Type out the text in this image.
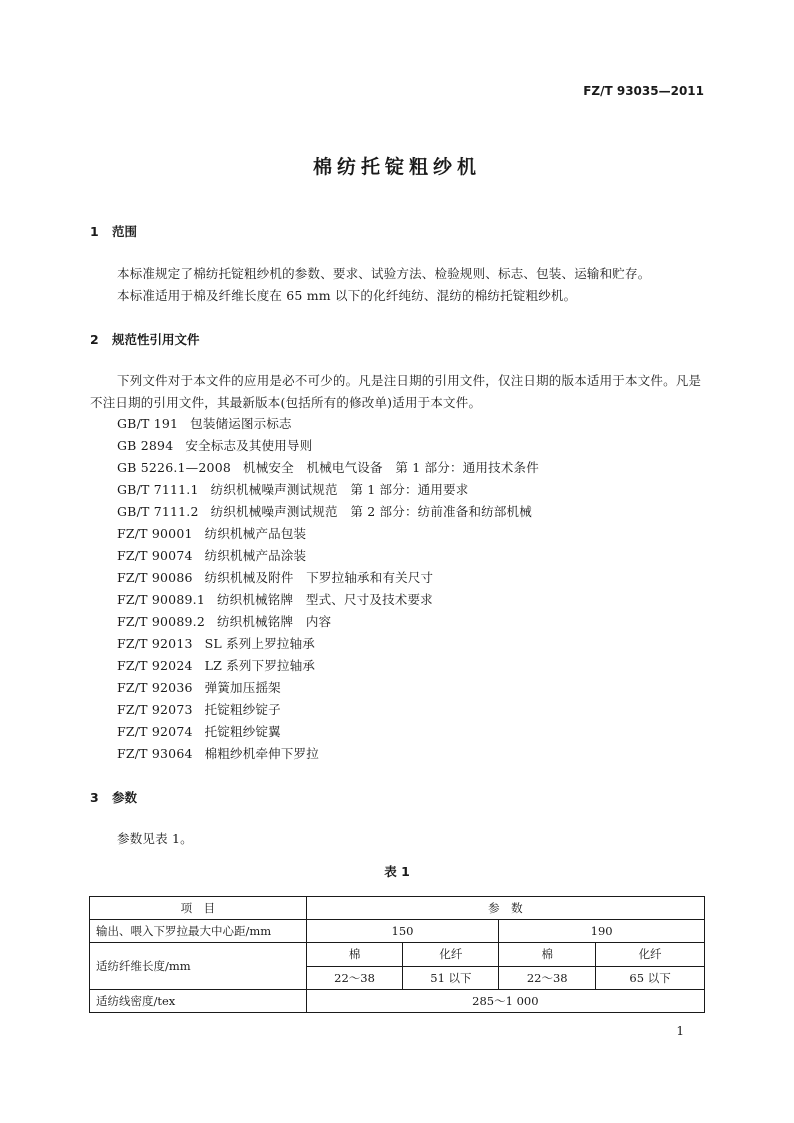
FZ/T 93035—2011
棉纺托锭粗纱机
1 范围
本标准规定了棉纺托锭粗纱机的参数、要求、试验方法、检验规则、标志、包装、运输和贮存。
本标准适用于棉及纤维长度在 65 mm 以下的化纤纯纺、混纺的棉纺托锭粗纱机。
2 规范性引用文件
下列文件对于本文件的应用是必不可少的。凡是注日期的引用文件，仅注日期的版本适用于本文件。凡是不注日期的引用文件，其最新版本(包括所有的修改单)适用于本文件。
GB/T 191 包装储运图示标志
GB 2894 安全标志及其使用导则
GB 5226.1—2008 机械安全　机械电气设备　第 1 部分：通用技术条件
GB/T 7111.1 纺织机械噪声测试规范　第 1 部分：通用要求
GB/T 7111.2 纺织机械噪声测试规范　第 2 部分：纺前准备和纺部机械
FZ/T 90001 纺织机械产品包装
FZ/T 90074 纺织机械产品涂装
FZ/T 90086 纺织机械及附件　下罗拉轴承和有关尺寸
FZ/T 90089.1 纺织机械铭牌　型式、尺寸及技术要求
FZ/T 90089.2 纺织机械铭牌　内容
FZ/T 92013 SL 系列上罗拉轴承
FZ/T 92024 LZ 系列下罗拉轴承
FZ/T 92036 弹簧加压摇架
FZ/T 92073 托锭粗纱锭子
FZ/T 92074 托锭粗纱锭翼
FZ/T 93064 棉粗纱机牵伸下罗拉
3 参数
参数见表 1。
表 1
项　目	参　数			
输出、喂入下罗拉最大中心距/mm	150		190	
适纺纤维长度/mm	棉	化纤	棉	化纤
	22～38	51 以下	22～38	65 以下
适纺线密度/tex	285～1 000			
1
